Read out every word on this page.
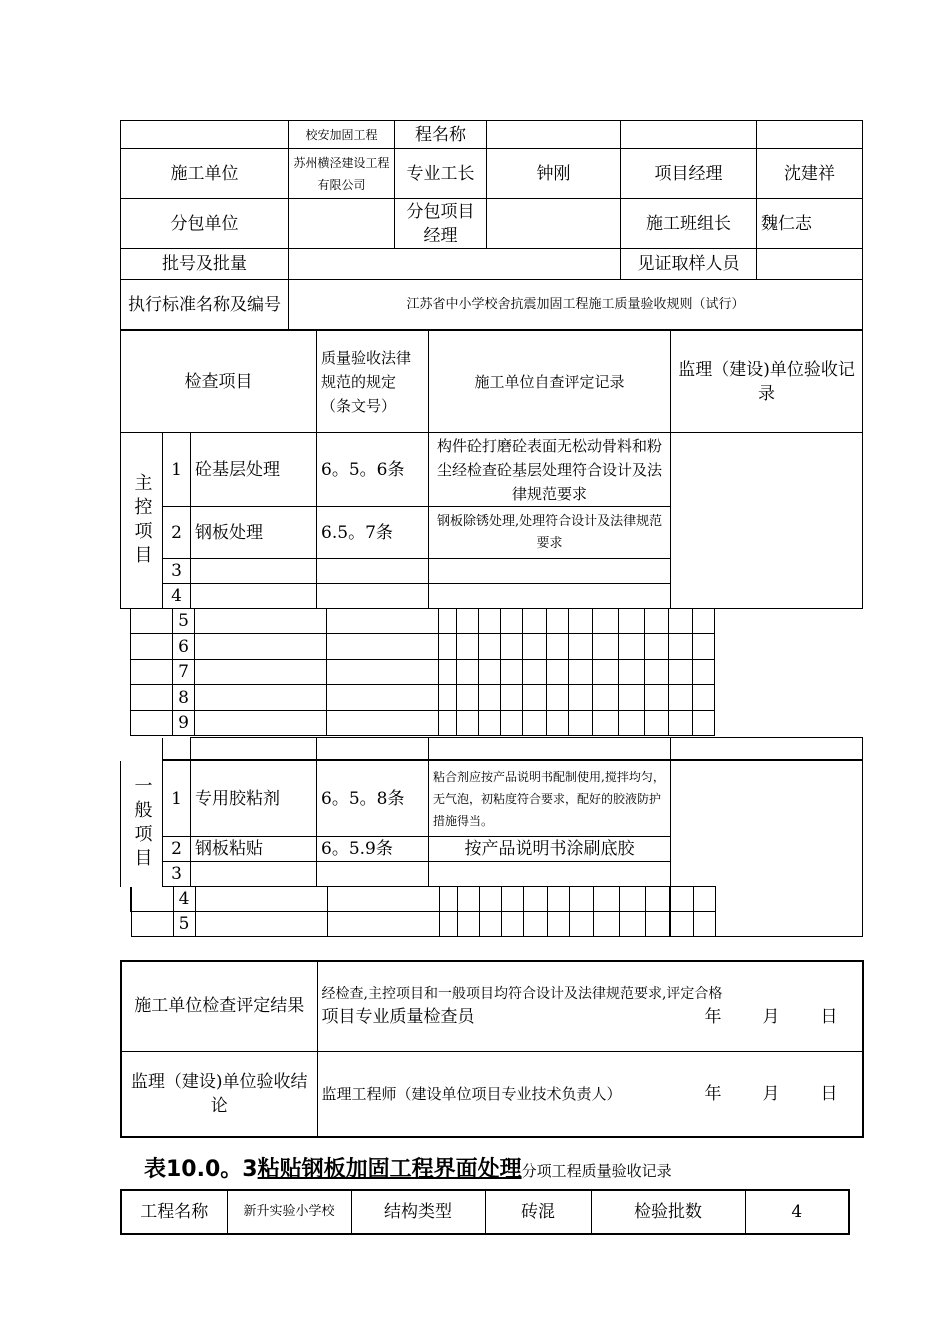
	校安加固工程	程名称			
施工单位	苏州横泾建设工程有限公司	专业工长	钟刚	项目经理	沈建祥
分包单位		分包项目经理		施工班组长	魏仁志
批号及批量				见证取样人员	
执行标准名称及编号	江苏省中小学校舍抗震加固工程施工质量验收规则（试行）				
检查项目			质量验收法律规范的规定（条文号）	施工单位自查评定记录	监理（建设)单位验收记录
主控项目	1	砼基层处理	6。5。6条	构件砼打磨砼表面无松动骨料和粉尘经检查砼基层处理符合设计及法律规范要求	
	2	钢板处理	6.5。7条	钢板除锈处理,处理符合设计及法律规范要求	
	3				
	4				
	5														
	6														
	7														
	8														
	9														

一般项目	1	专用胶粘剂	6。5。8条	粘合剂应按产品说明书配制使用,搅拌均匀，无气泡，初粘度符合要求，配好的胶液防护措施得当。	
	2	钢板粘贴	6。5.9条	按产品说明书涂刷底胶	
	3				

	4														
	5														
施工单位检查评定结果	经检查,主控项目和一般项目均符合设计及法律规范要求,评定合格
项目专业质量检查员 年 月 日

监理（建设)单位验收结论	监理工程师（建设单位项目专业技术负责人） 年 月 日
表10.0。3粘贴钢板加固工程界面处理分项工程质量验收记录
工程名称	新升实验小学校	结构类型	砖混	检验批数	4
